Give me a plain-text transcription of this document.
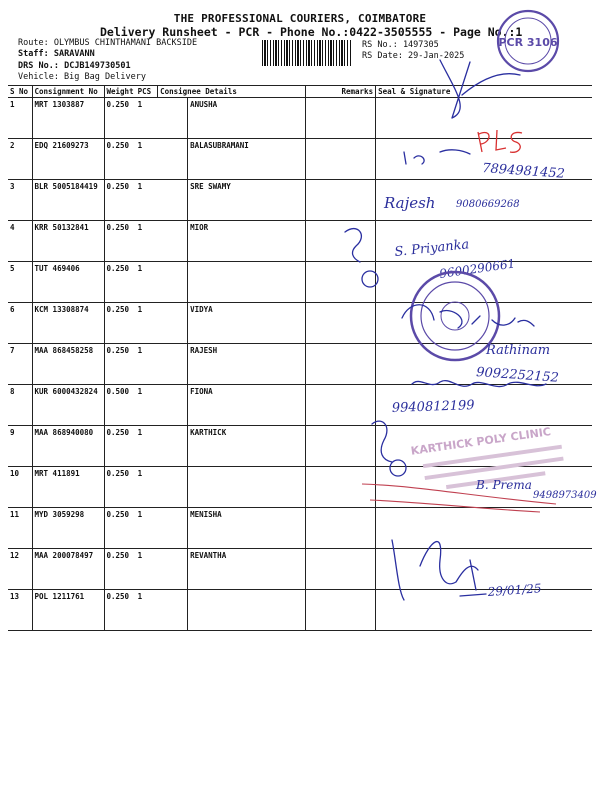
THE PROFESSIONAL COURIERS, COIMBATORE
Delivery Runsheet - PCR - Phone No.:0422-3505555 - Page No.:1
Route: OLYMBUS CHINTHAMANI BACKSIDE
Staff: SARAVANN
DRS No.: DCJB149730501
Vehicle: Big Bag Delivery
RS No.: 1497305
RS Date: 29-Jan-2025
S No	Consignment No	Weight	PCS	Consignee Details		Remarks	Seal & Signature
1	MRT 1303887	0.250	1		ANUSHA		
2	EDQ 21609273	0.250	1		BALASUBRAMANI		
3	BLR 5005184419	0.250	1		SRE SWAMY		
4	KRR 50132841	0.250	1		MIOR		
5	TUT 469406	0.250	1				
6	KCM 13308874	0.250	1		VIDYA		
7	MAA 868458258	0.250	1		RAJESH		
8	KUR 6000432824	0.500	1		FIONA		
9	MAA 868940080	0.250	1		KARTHICK		
10	MRT 411891	0.250	1				
11	MYD 3059298	0.250	1		MENISHA		
12	MAA 200078497	0.250	1		REVANTHA		
13	POL 1211761	0.250	1				
PCR 3106
7894981452
Rajesh 9080669268
S. Priyanka
9600290661
Rathinam
9092252152
9940812199
KARTHICK POLY CLINIC
B. Prema
9498973409
29/01/25
